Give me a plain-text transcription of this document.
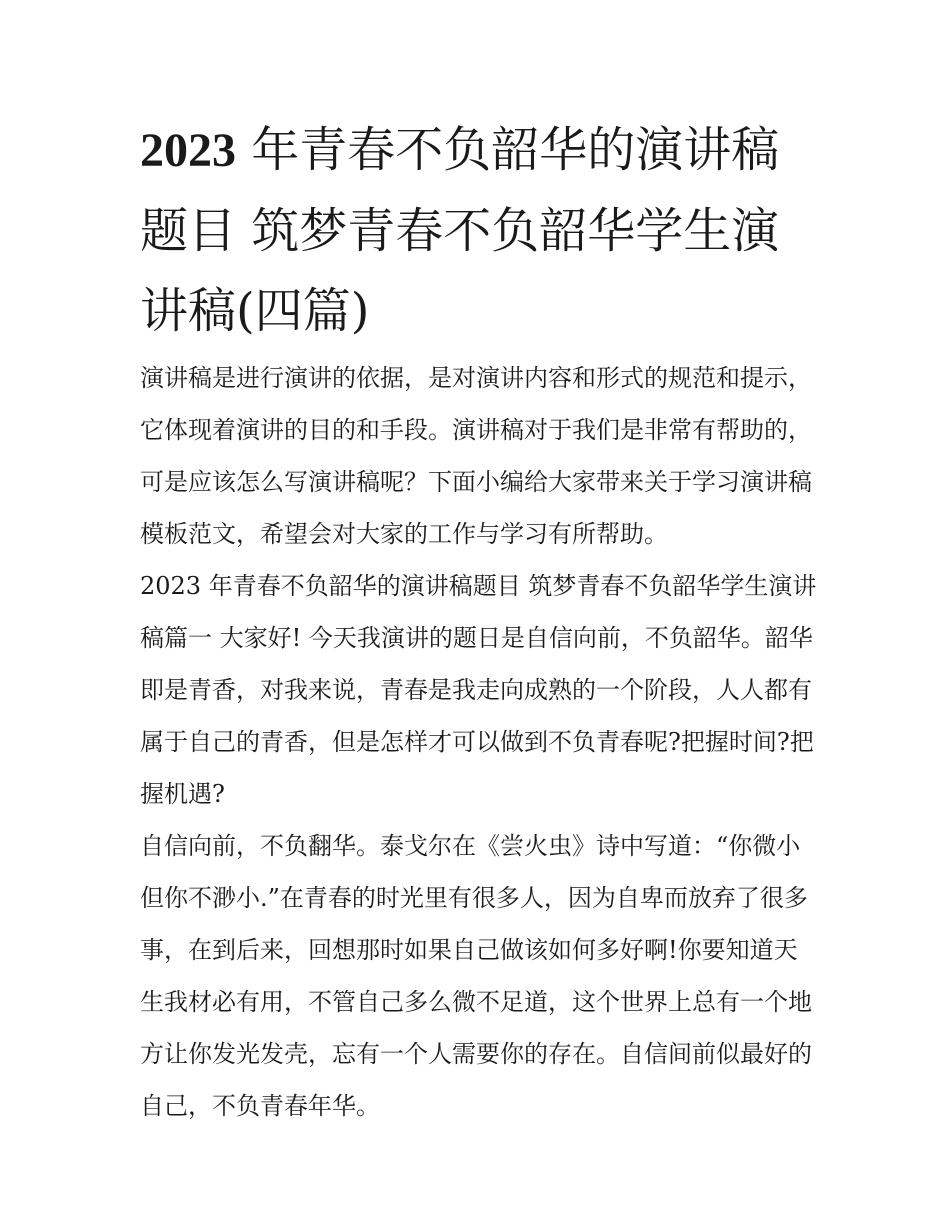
2023 年青春不负韶华的演讲稿题目 筑梦青春不负韶华学生演讲稿(四篇)

演讲稿是进行演讲的依据，是对演讲内容和形式的规范和提示，它体现着演讲的目的和手段。演讲稿对于我们是非常有帮助的，可是应该怎么写演讲稿呢？下面小编给大家带来关于学习演讲稿模板范文，希望会对大家的工作与学习有所帮助。

2023 年青春不负韶华的演讲稿题目 筑梦青春不负韶华学生演讲稿篇一 大家好! 今天我演讲的题日是自信向前，不负韶华。韶华即是青香，对我来说，青春是我走向成熟的一个阶段，人人都有属于自己的青香，但是怎样才可以做到不负青春呢?把握时间?把握机遇?

自信向前，不负翻华。泰戈尔在《尝火虫》诗中写道：“你微小但你不渺小.”在青春的时光里有很多人，因为自卑而放弃了很多事，在到后来，回想那时如果自己做该如何多好啊!你要知道天生我材必有用，不管自己多么微不足道，这个世界上总有一个地方让你发光发壳，忘有一个人需要你的存在。自信间前似最好的自己，不负青春年华。
